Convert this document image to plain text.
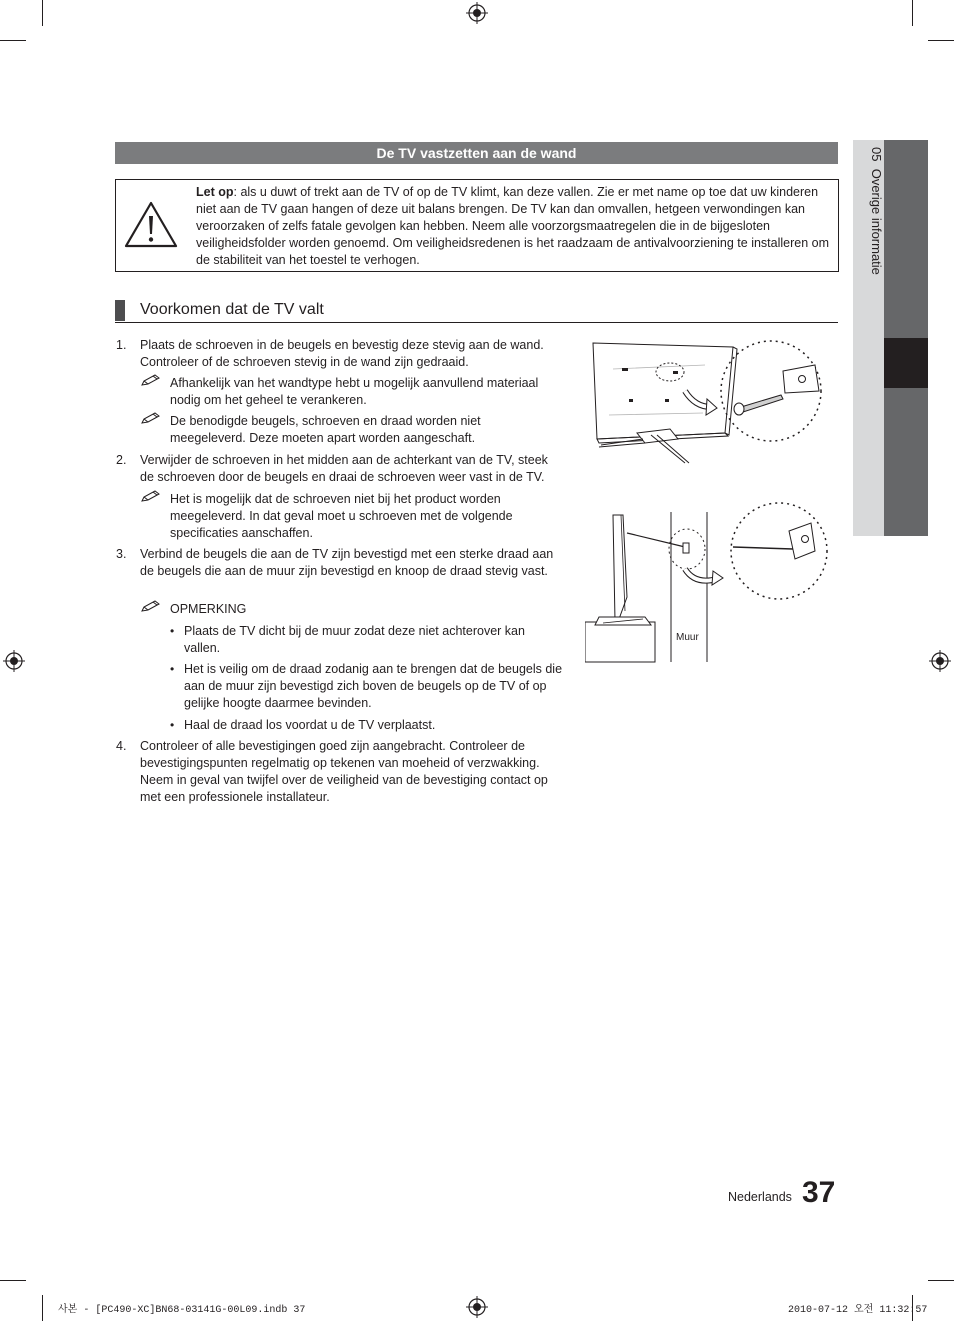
De TV vastzetten aan de wand
Let op: als u duwt of trekt aan de TV of op de TV klimt, kan deze vallen. Zie er met name op toe dat uw kinderen niet aan de TV gaan hangen of deze uit balans brengen. De TV kan dan omvallen, hetgeen verwondingen kan veroorzaken of zelfs fatale gevolgen kan hebben. Neem alle voorzorgsmaatregelen die in de bijgesloten veiligheidsfolder worden genoemd. Om veiligheidsredenen is het raadzaam de antivalvoorziening te installeren om de stabiliteit van het toestel te verhogen.
Voorkomen dat de TV valt
1. Plaats de schroeven in de beugels en bevestig deze stevig aan de wand. Controleer of de schroeven stevig in de wand zijn gedraaid.
Afhankelijk van het wandtype hebt u mogelijk aanvullend materiaal nodig om het geheel te verankeren.
De benodigde beugels, schroeven en draad worden niet meegeleverd. Deze moeten apart worden aangeschaft.
2. Verwijder de schroeven in het midden aan de achterkant van de TV, steek de schroeven door de beugels en draai de schroeven weer vast in de TV.
Het is mogelijk dat de schroeven niet bij het product worden meegeleverd. In dat geval moet u schroeven met de volgende specificaties aanschaffen.
3. Verbind de beugels die aan de TV zijn bevestigd met een sterke draad aan de beugels die aan de muur zijn bevestigd en knoop de draad stevig vast.
OPMERKING
• Plaats de TV dicht bij de muur zodat deze niet achterover kan vallen.
• Het is veilig om de draad zodanig aan te brengen dat de beugels die aan de muur zijn bevestigd zich boven de beugels op de TV of op gelijke hoogte daarmee bevinden.
• Haal de draad los voordat u de TV verplaatst.
4. Controleer of alle bevestigingen goed zijn aangebracht. Controleer de bevestigingspunten regelmatig op tekenen van moeheid of verzwakking. Neem in geval van twijfel over de veiligheid van de bevestiging contact op met een professionele installateur.
Muur
05  Overige informatie
Nederlands 37
사본 - [PC490-XC]BN68-03141G-00L09.indb 37	2010-07-12 오전 11:32:57
